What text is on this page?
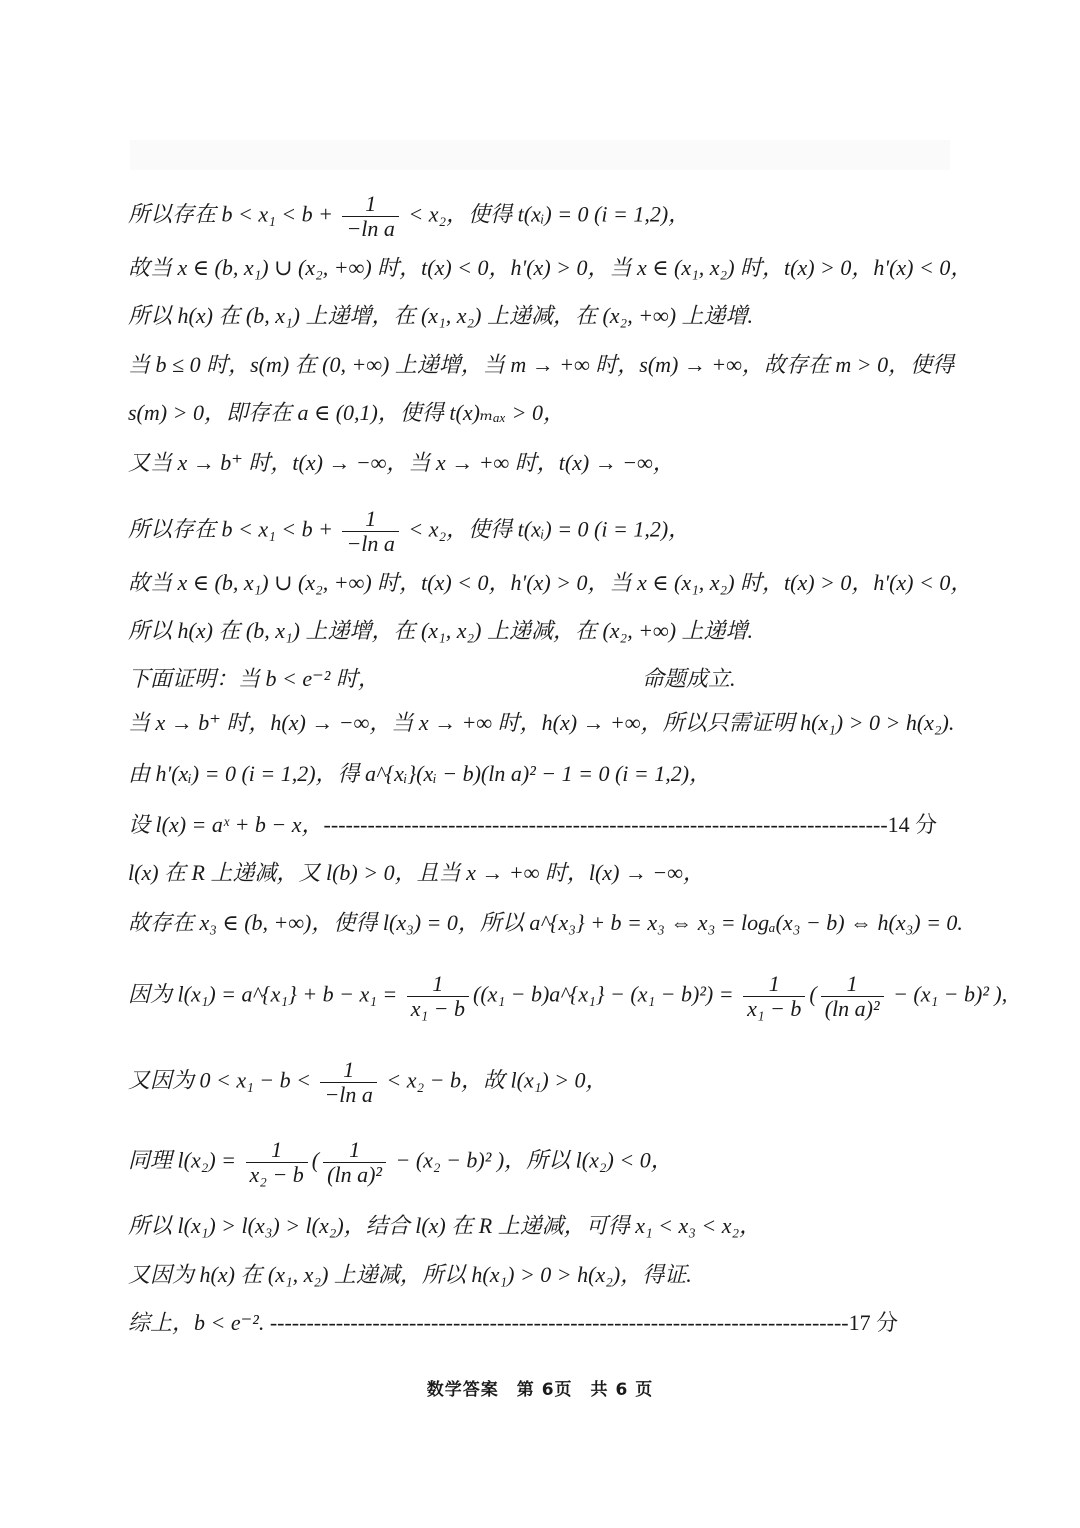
所以存在 $b < x_1 < b + \frac{1}{\text{−ln a}} < x_2$，使得 t(xᵢ) = 0 (i = 1,2)，
故当 x ∈ (b, x₁) ∪ (x₂, +∞) 时，t(x) < 0，h'(x) > 0，当 x ∈ (x₁, x₂) 时，t(x) > 0，h'(x) < 0，
所以 h(x) 在 (b, x₁) 上递增，在 (x₁, x₂) 上递减，在 (x₂, +∞) 上递增.
当 b ≤ 0 时，s(m) 在 (0, +∞) 上递增，当 m → +∞ 时，s(m) → +∞，故存在 m > 0，使得
s(m) > 0，即存在 a ∈ (0,1)，使得 t(x)ₘₐₓ > 0，
又当 x → b⁺ 时，t(x) → −∞，当 x → +∞ 时，t(x) → −∞，
所以存在 $b < x_1 < b + \frac{1}{\text{−ln a}} < x_2$，使得 t(xᵢ) = 0 (i = 1,2)，
故当 x ∈ (b, x₁) ∪ (x₂, +∞) 时，t(x) < 0，h'(x) > 0，当 x ∈ (x₁, x₂) 时，t(x) > 0，h'(x) < 0，
所以 h(x) 在 (b, x₁) 上递增，在 (x₁, x₂) 上递减，在 (x₂, +∞) 上递增.
下面证明：当 b < e⁻² 时，	命题成立.
当 x → b⁺ 时，h(x) → −∞，当 x → +∞ 时，h(x) → +∞，所以只需证明 h(x₁) > 0 > h(x₂).
由 h'(xᵢ) = 0 (i = 1,2)，得 a^{xᵢ}(xᵢ − b)(ln a)² − 1 = 0 (i = 1,2)，
设 l(x) = aˣ + b − x，-----------------------------------------------------------------------------14 分
l(x) 在 R 上递减，又 l(b) > 0，且当 x → +∞ 时，l(x) → −∞，
故存在 x₃ ∈ (b, +∞)，使得 l(x₃) = 0，所以 a^{x₃} + b = x₃ ⇔ x₃ = logₐ(x₃ − b) ⇔ h(x₃) = 0.
因为 l(x₁) = a^{x₁} + $b - x_1 = \frac{1}{\text{x₁ − b}} ((x_1$ − b)a^{x₁} − $(x_1 - b)^2) = \frac{1}{\text{x₁ − b}}$ ( $\frac{1}{\text{(ln a)²}} - (x_1 - b)^2$ ),
又因为 $0 < x_1 - b < \frac{1}{\text{−ln a}} < x_2 - b$，故 l(x₁) > 0，
同理 $l(x_2) = \frac{1}{\text{x₂ − b}}$ ( $\frac{1}{\text{(ln a)²}} - (x_2 - b)^2$ )，所以 l(x₂) < 0，
所以 l(x₁) > l(x₃) > l(x₂)，结合 l(x) 在 R 上递减，可得 x₁ < x₃ < x₂，
又因为 h(x) 在 (x₁, x₂) 上递减，所以 h(x₁) > 0 > h(x₂)，得证.
综上，b < e⁻². -------------------------------------------------------------------------------17 分
数学答案　第 6页　共 6 页
